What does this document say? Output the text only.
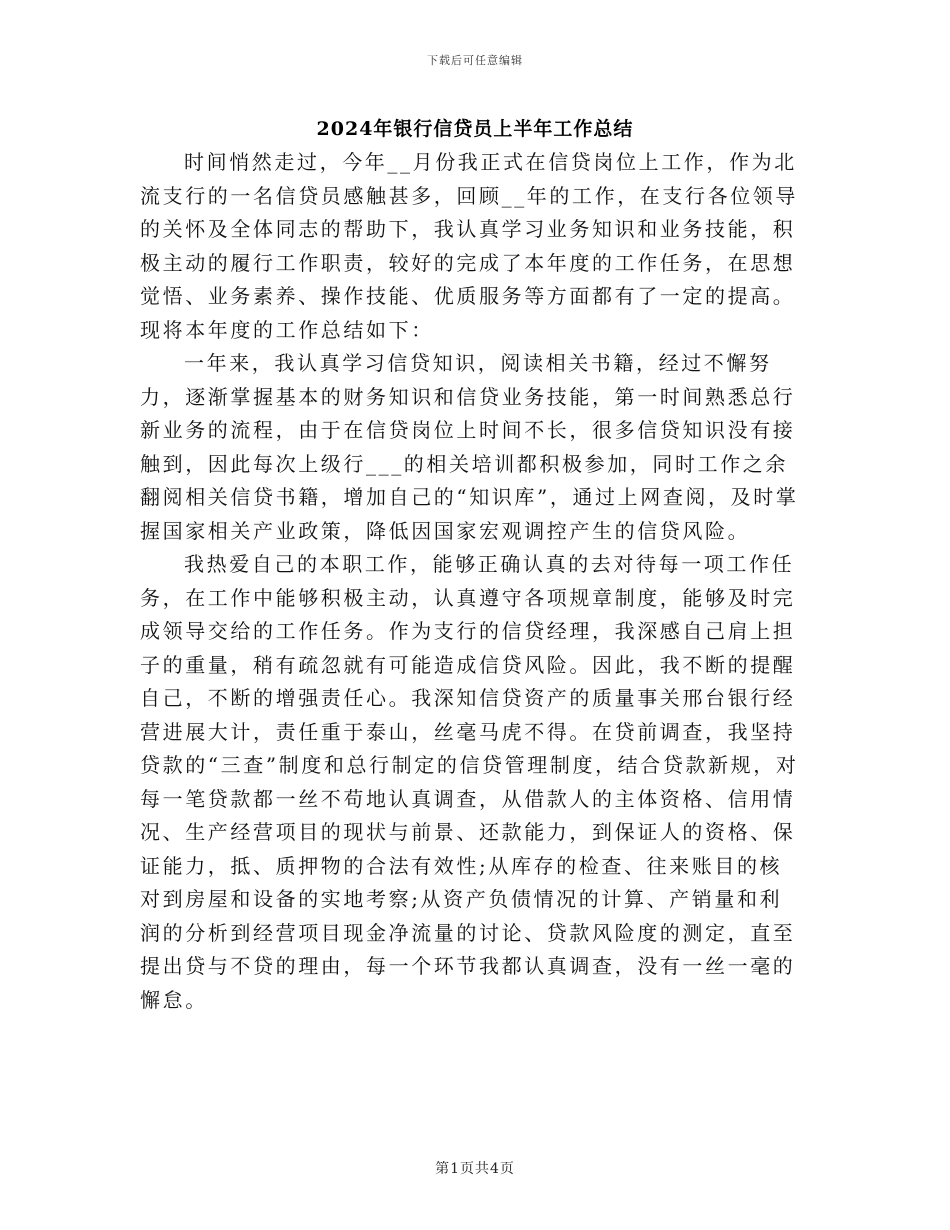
下载后可任意编辑
2024年银行信贷员上半年工作总结

时间悄然走过，今年__月份我正式在信贷岗位上工作，作为北流支行的一名信贷员感触甚多，回顾__年的工作，在支行各位领导的关怀及全体同志的帮助下，我认真学习业务知识和业务技能，积极主动的履行工作职责，较好的完成了本年度的工作任务，在思想觉悟、业务素养、操作技能、优质服务等方面都有了一定的提高。现将本年度的工作总结如下：

一年来，我认真学习信贷知识，阅读相关书籍，经过不懈努力，逐渐掌握基本的财务知识和信贷业务技能，第一时间熟悉总行新业务的流程，由于在信贷岗位上时间不长，很多信贷知识没有接触到，因此每次上级行___的相关培训都积极参加，同时工作之余翻阅相关信贷书籍，增加自己的“知识库”，通过上网查阅，及时掌握国家相关产业政策，降低因国家宏观调控产生的信贷风险。

我热爱自己的本职工作，能够正确认真的去对待每一项工作任务，在工作中能够积极主动，认真遵守各项规章制度，能够及时完成领导交给的工作任务。作为支行的信贷经理，我深感自己肩上担子的重量，稍有疏忽就有可能造成信贷风险。因此，我不断的提醒自己，不断的增强责任心。我深知信贷资产的质量事关邢台银行经营进展大计，责任重于泰山，丝毫马虎不得。在贷前调查，我坚持贷款的“三查”制度和总行制定的信贷管理制度，结合贷款新规，对每一笔贷款都一丝不苟地认真调查，从借款人的主体资格、信用情况、生产经营项目的现状与前景、还款能力，到保证人的资格、保证能力，抵、质押物的合法有效性;从库存的检查、往来账目的核对到房屋和设备的实地考察;从资产负债情况的计算、产销量和利润的分析到经营项目现金净流量的讨论、贷款风险度的测定，直至提出贷与不贷的理由，每一个环节我都认真调查，没有一丝一毫的懈怠。

第1页共4页
